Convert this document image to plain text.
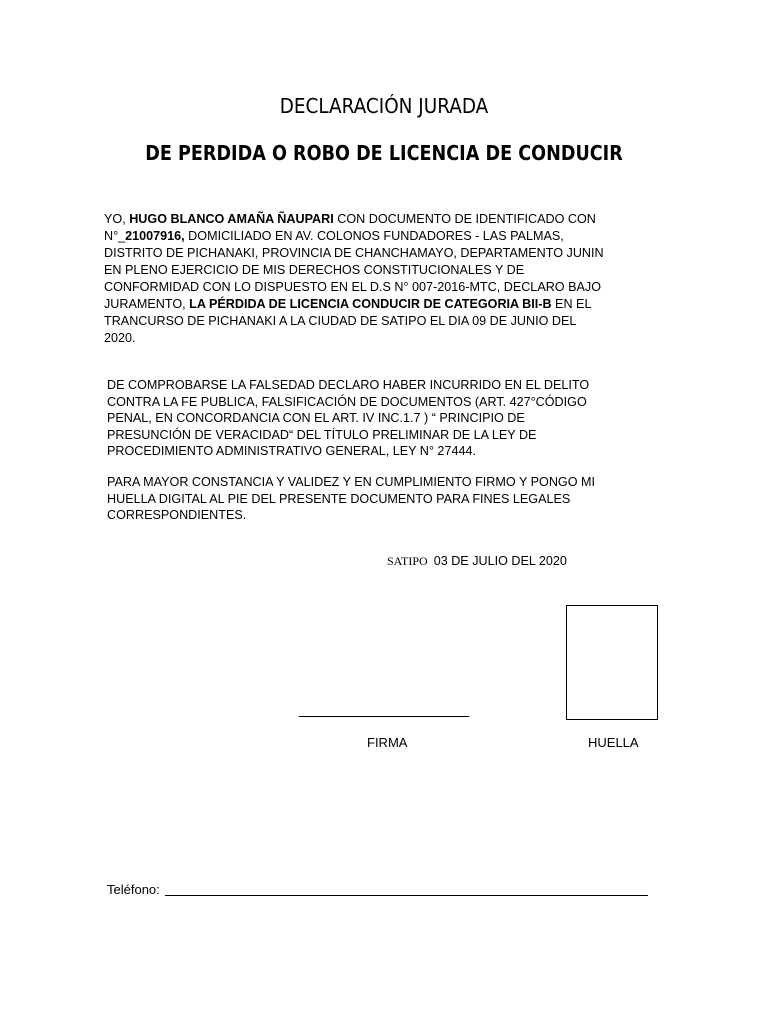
DECLARACIÓN JURADA
DE PERDIDA O ROBO DE LICENCIA DE CONDUCIR

YO, HUGO BLANCO AMAÑA ÑAUPARI CON DOCUMENTO DE IDENTIFICADO CON
N°_21007916, DOMICILIADO EN AV. COLONOS FUNDADORES - LAS PALMAS,
DISTRITO DE PICHANAKI, PROVINCIA DE CHANCHAMAYO, DEPARTAMENTO JUNIN
EN PLENO EJERCICIO DE MIS DERECHOS CONSTITUCIONALES Y DE
CONFORMIDAD CON LO DISPUESTO EN EL D.S N° 007-2016-MTC, DECLARO BAJO
JURAMENTO, LA PÉRDIDA DE LICENCIA CONDUCIR DE CATEGORIA BII-B EN EL
TRANCURSO DE PICHANAKI A LA CIUDAD DE SATIPO EL DIA 09 DE JUNIO DEL
2020.

DE COMPROBARSE LA FALSEDAD DECLARO HABER INCURRIDO EN EL DELITO
CONTRA LA FE PUBLICA, FALSIFICACIÓN DE DOCUMENTOS (ART. 427°CÓDIGO
PENAL, EN CONCORDANCIA CON EL ART. IV INC.1.7 ) “ PRINCIPIO DE
PRESUNCIÓN DE VERACIDAD“ DEL TÍTULO PRELIMINAR DE LA LEY DE
PROCEDIMIENTO ADMINISTRATIVO GENERAL, LEY N° 27444.

PARA MAYOR CONSTANCIA Y VALIDEZ Y EN CUMPLIMIENTO FIRMO Y PONGO MI
HUELLA DIGITAL AL PIE DEL PRESENTE DOCUMENTO PARA FINES LEGALES
CORRESPONDIENTES.

SATIPO 03 DE JULIO DEL 2020
FIRMA	HUELLA
Teléfono:
